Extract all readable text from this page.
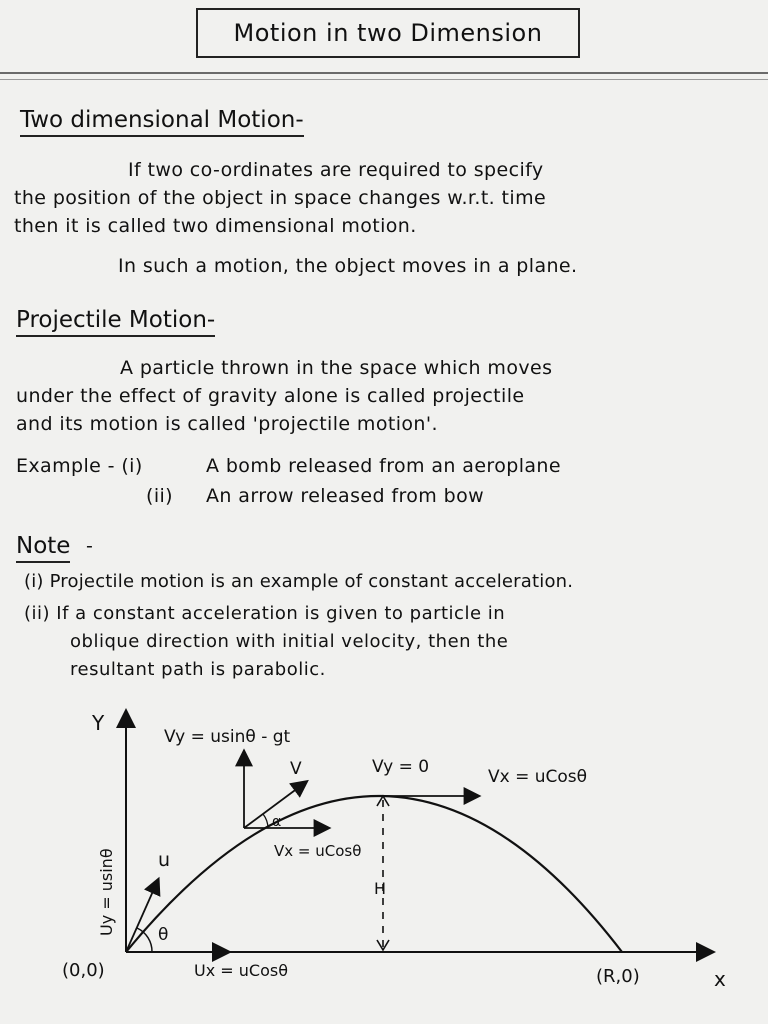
Motion in two Dimension
Two dimensional Motion-
If two co-ordinates are required to specify
the position of the object in space changes w.r.t. time
then it is called two dimensional motion.
In such a motion, the object moves in a plane.
Projectile Motion-
A particle thrown in the space which moves
under the effect of gravity alone is called projectile
and its motion is called 'projectile motion'.
Example - (i)	A bomb released from an aeroplane
(ii) An arrow released from bow
Note -
(i) Projectile motion is an example of constant acceleration.
(ii) If a constant acceleration is given to particle in
oblique direction with initial velocity, then the
resultant path is parabolic.
Y
x
Vy = usinθ - gt
V
α
Vx = uCosθ
Vy = 0	Vx = uCosθ
u
Uy = usinθ θ
H
(0,0)	Ux = uCosθ	(R,0)
